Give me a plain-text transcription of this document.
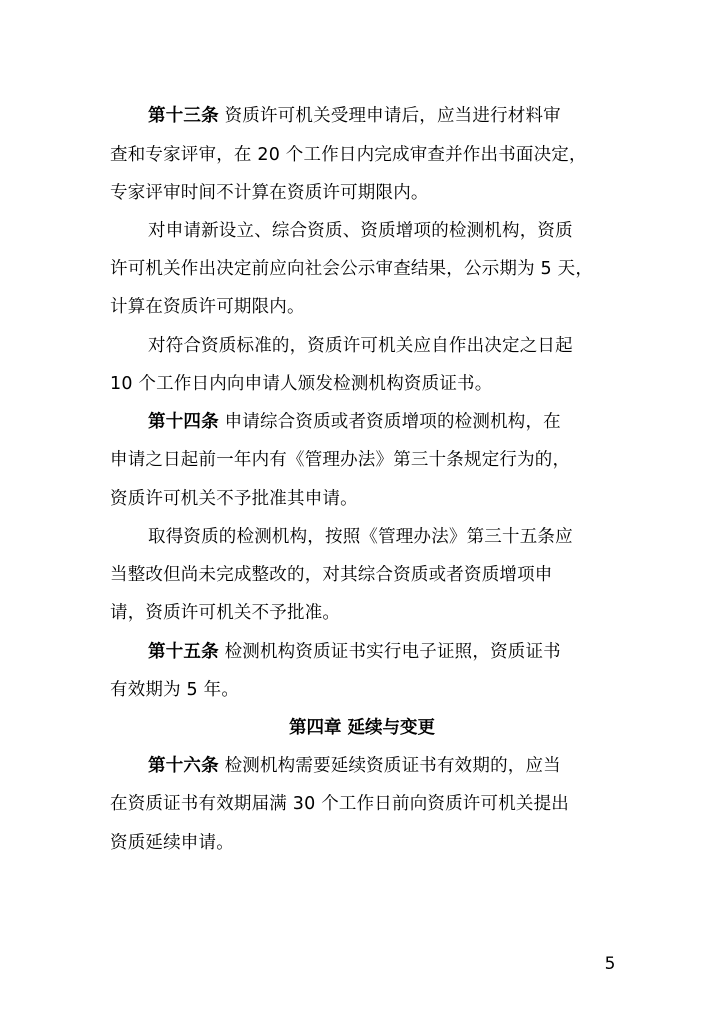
第十三条 资质许可机关受理申请后，应当进行材料审
查和专家评审，在 20 个工作日内完成审查并作出书面决定，
专家评审时间不计算在资质许可期限内。
对申请新设立、综合资质、资质增项的检测机构，资质
许可机关作出决定前应向社会公示审查结果，公示期为 5 天，
计算在资质许可期限内。
对符合资质标准的，资质许可机关应自作出决定之日起
10 个工作日内向申请人颁发检测机构资质证书。
第十四条 申请综合资质或者资质增项的检测机构，在
申请之日起前一年内有《管理办法》第三十条规定行为的，
资质许可机关不予批准其申请。
取得资质的检测机构，按照《管理办法》第三十五条应
当整改但尚未完成整改的，对其综合资质或者资质增项申
请，资质许可机关不予批准。
第十五条 检测机构资质证书实行电子证照，资质证书
有效期为 5 年。
第四章 延续与变更
第十六条 检测机构需要延续资质证书有效期的，应当
在资质证书有效期届满 30 个工作日前向资质许可机关提出
资质延续申请。
5
